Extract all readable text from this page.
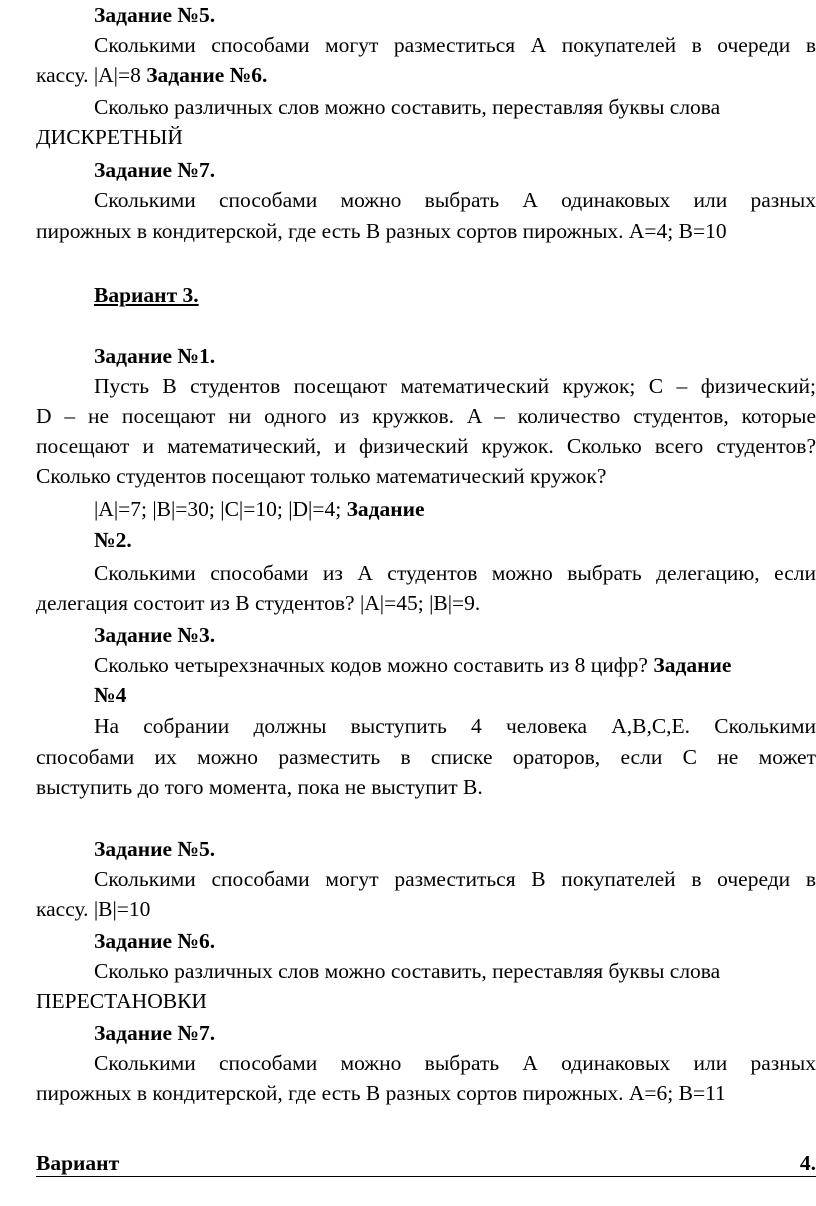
Задание №5.
Сколькими способами могут разместиться А покупателей в очереди в
кассу. |A|=8 Задание №6.
Сколько различных слов можно составить, переставляя буквы слова
ДИСКРЕТНЫЙ
Задание №7.
Сколькими способами можно выбрать А одинаковых или разных
пирожных в кондитерской, где есть В разных сортов пирожных. А=4; В=10
Вариант 3.
Задание №1.
Пусть B студентов посещают математический кружок; C – физический;
D – не посещают ни одного из кружков. A – количество студентов, которые
посещают и математический, и физический кружок. Сколько всего студентов?
Сколько студентов посещают только математический кружок?
|A|=7; |B|=30; |C|=10; |D|=4; Задание
№2.
Сколькими способами из А студентов можно выбрать делегацию, если
делегация состоит из В студентов? |A|=45; |B|=9.
Задание №3.
Сколько четырехзначных кодов можно составить из 8 цифр? Задание
№4
На собрании должны выступить 4 человека А,В,С,Е. Сколькими
способами их можно разместить в списке ораторов, если С не может
выступить до того момента, пока не выступит В.
Задание №5.
Сколькими способами могут разместиться В покупателей в очереди в
кассу. |B|=10
Задание №6.
Сколько различных слов можно составить, переставляя буквы слова
ПЕРЕСТАНОВКИ
Задание №7.
Сколькими способами можно выбрать А одинаковых или разных
пирожных в кондитерской, где есть В разных сортов пирожных. А=6; В=11
Вариант	4.
